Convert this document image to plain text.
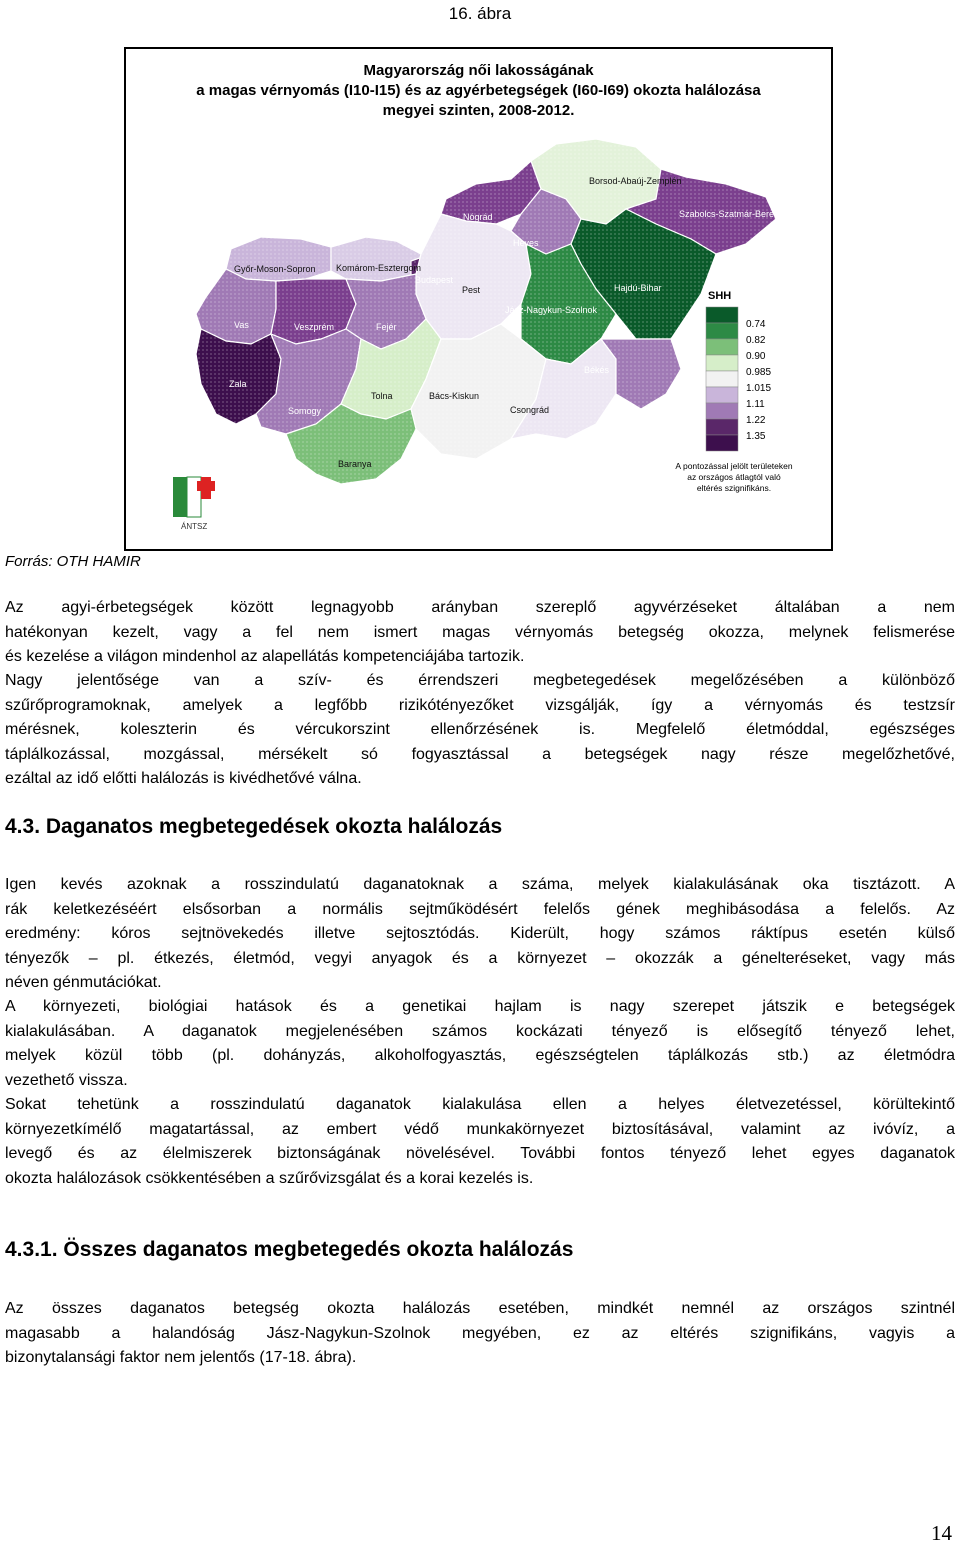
16. ábra
Magyarország női lakosságának
a magas vérnyomás (I10-I15) és az agyérbetegségek (I60-I69) okozta halálozása
megyei szinten, 2008-2012.
Borsod-Abaúj-Zemplén
Szabolcs-Szatmár-Bereg
Nógrád
Heves
Győr-Moson-Sopron Komárom-Esztergom
Budapest
Pest	Hajdú-Bihar
Jász-Nagykun-Szolnok
Vas	Veszprém	Fejér
Zala
Somogy
Tolna	Bács-Kiskun
Csongrád
Békés
Baranya
SHH
0.74
0.82
0.90
0.985
1.015
1.11
1.22
1.35
A pontozással jelölt területeken
az országos átlagtól való
eltérés szignifikáns.
ÁNTSZ
Forrás: OTH HAMIR
Az agyi-érbetegségek között legnagyobb arányban szereplő agyvérzéseket általában a nem
hatékonyan kezelt, vagy a fel nem ismert magas vérnyomás betegség okozza, melynek felismerése
és kezelése a világon mindenhol az alapellátás kompetenciájába tartozik.
Nagy jelentősége van a szív- és érrendszeri megbetegedések megelőzésében a különböző
szűrőprogramoknak, amelyek a legfőbb rizikótényezőket vizsgálják, így a vérnyomás és testzsír
mérésnek, koleszterin és vércukorszint ellenőrzésének is. Megfelelő életmóddal, egészséges
táplálkozással, mozgással, mérsékelt só fogyasztással a betegségek nagy része megelőzhetővé,
ezáltal az idő előtti halálozás is kivédhetővé válna.
4.3. Daganatos megbetegedések okozta halálozás
Igen kevés azoknak a rosszindulatú daganatoknak a száma, melyek kialakulásának oka tisztázott. A
rák keletkezéséért elsősorban a normális sejtműködésért felelős gének meghibásodása a felelős. Az
eredmény: kóros sejtnövekedés illetve sejtosztódás. Kiderült, hogy számos ráktípus esetén külső
tényezők – pl. étkezés, életmód, vegyi anyagok és a környezet – okozzák a génelteréseket, vagy más
néven génmutációkat.
A környezeti, biológiai hatások és a genetikai hajlam is nagy szerepet játszik e betegségek
kialakulásában. A daganatok megjelenésében számos kockázati tényező is elősegítő tényező lehet,
melyek közül több (pl. dohányzás, alkoholfogyasztás, egészségtelen táplálkozás stb.) az életmódra
vezethető vissza.
Sokat tehetünk a rosszindulatú daganatok kialakulása ellen a helyes életvezetéssel, körültekintő
környezetkímélő magatartással, az embert védő munkakörnyezet biztosításával, valamint az ivóvíz, a
levegő és az élelmiszerek biztonságának növelésével. További fontos tényező lehet egyes daganatok
okozta halálozások csökkentésében a szűrővizsgálat és a korai kezelés is.
4.3.1. Összes daganatos megbetegedés okozta halálozás
Az összes daganatos betegség okozta halálozás esetében, mindkét nemnél az országos szintnél
magasabb a halandóság Jász-Nagykun-Szolnok megyében, ez az eltérés szignifikáns, vagyis a
bizonytalansági faktor nem jelentős (17-18. ábra).
14
